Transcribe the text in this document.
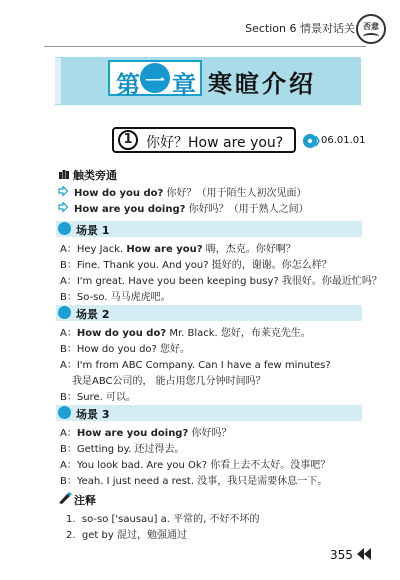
Section 6 情景对话关	否意
第 章
一 寒暄介绍
1 你好？How are you?	06.01.01
触类旁通
How do you do? 你好？（用于陌生人初次见面）
How are you doing? 你好吗？（用于熟人之间）
场景 1
A：Hey Jack. How are you? 嗨，杰克。你好啊？
B：Fine. Thank you. And you? 挺好的，谢谢。你怎么样？
A：I'm great. Have you been keeping busy? 我很好。你最近忙吗？
B：So-so. 马马虎虎吧。
场景 2
A：How do you do? Mr. Black. 您好，布莱克先生。
B：How do you do? 您好。
A：I'm from ABC Company. Can I have a few minutes?
我是ABC公司的， 能占用您几分钟时间吗？
B：Sure. 可以。
场景 3
A：How are you doing? 你好吗？
B：Getting by. 还过得去。
A：You look bad. Are you Ok? 你看上去不太好。没事吧？
B：Yeah. I just need a rest. 没事，我只是需要休息一下。
注释
1. so-so ['sausau] a. 平常的, 不好不坏的
2. get by 混过，勉强通过
355
